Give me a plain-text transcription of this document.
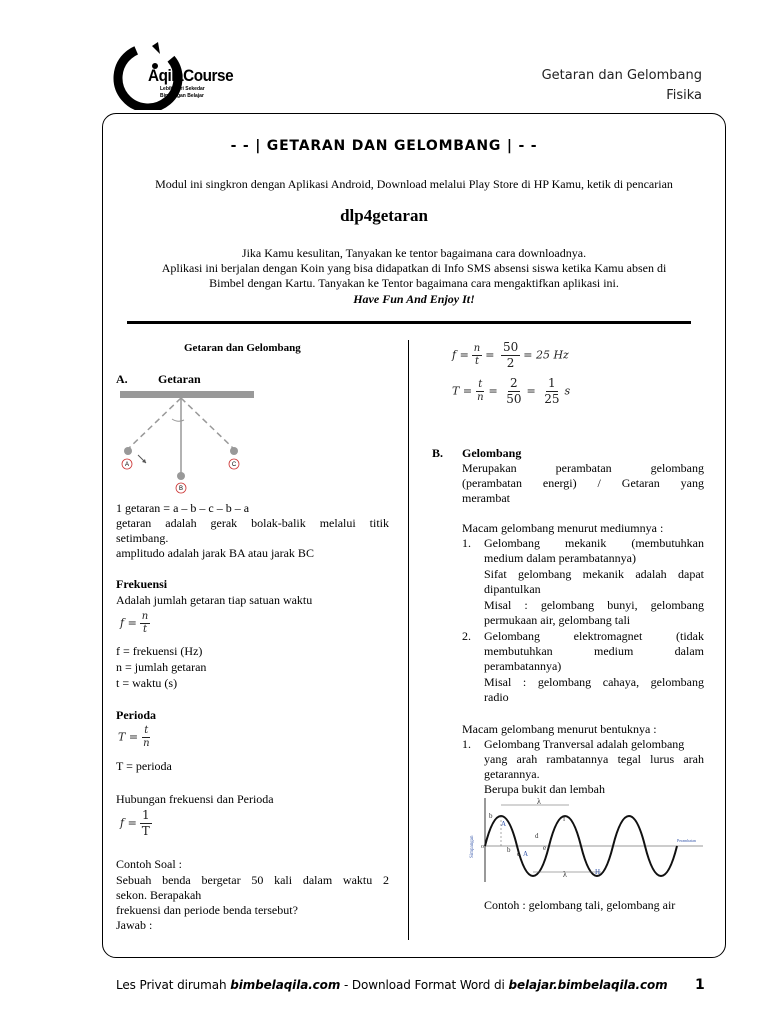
AqilaCourse
Lebih dari Sekedar
Bimbingan Belajar
Getaran dan Gelombang
Fisika
- - | GETARAN DAN GELOMBANG | - -
Modul ini singkron dengan Aplikasi Android, Download melalui Play Store di HP Kamu, ketik di pencarian
dlp4getaran
Jika Kamu kesulitan, Tanyakan ke tentor bagaimana cara downloadnya.
Aplikasi ini berjalan dengan Koin yang bisa didapatkan di Info SMS absensi siswa ketika Kamu absen di
Bimbel dengan Kartu. Tanyakan ke Tentor bagaimana cara mengaktifkan aplikasi ini.
Have Fun And Enjoy It!
Getaran dan Gelombang
A.	Getaran
A
B
C
1 getaran = a – b – c – b – a
getaran adalah gerak bolak-balik melalui titik
setimbang.
amplitudo adalah jarak BA atau jarak BC
Frekuensi
Adalah jumlah getaran tiap satuan waktu
$f = \frac{n}{t}$
f = frekuensi (Hz)
n = jumlah getaran
t = waktu (s)
Perioda
$T = \frac{t}{n}$
T = perioda
Hubungan frekuensi dan Perioda
$f = \frac{1}{T}$
Contoh Soal :
Sebuah benda bergetar 50 kali dalam waktu 2
sekon. Berapakah
frekuensi dan periode benda tersebut?
Jawab :
$f = \frac{n}{t} = \frac{50}{2} = 25$ Hz
$T = \frac{t}{n} = \frac{2}{50} = \frac{1}{25}$ s
B. Gelombang
Merupakan perambatan gelombang
(perambatan energi) / Getaran yang
merambat
Macam gelombang menurut mediumnya :
1. Gelombang mekanik (membutuhkan
medium dalam perambatannya)
Sifat gelombang mekanik adalah dapat
dipantulkan
Misal : gelombang bunyi, gelombang
permukaan air, gelombang tali
2. Gelombang elektromagnet (tidak
membutuhkan medium dalam
perambatannya)
Misal : gelombang cahaya, gelombang
radio
Macam gelombang menurut bentuknya :
1. Gelombang Tranversal adalah gelombang
yang arah rambatannya tegal lurus arah
getarannya.
Berupa bukit dan lembah
λ
λ
b
A
o	b c
d
A
f
e
H
Simpangan	Perambatan
Contoh : gelombang tali, gelombang air
Les Privat dirumah bimbelaqila.com - Download Format Word di belajar.bimbelaqila.com 1
